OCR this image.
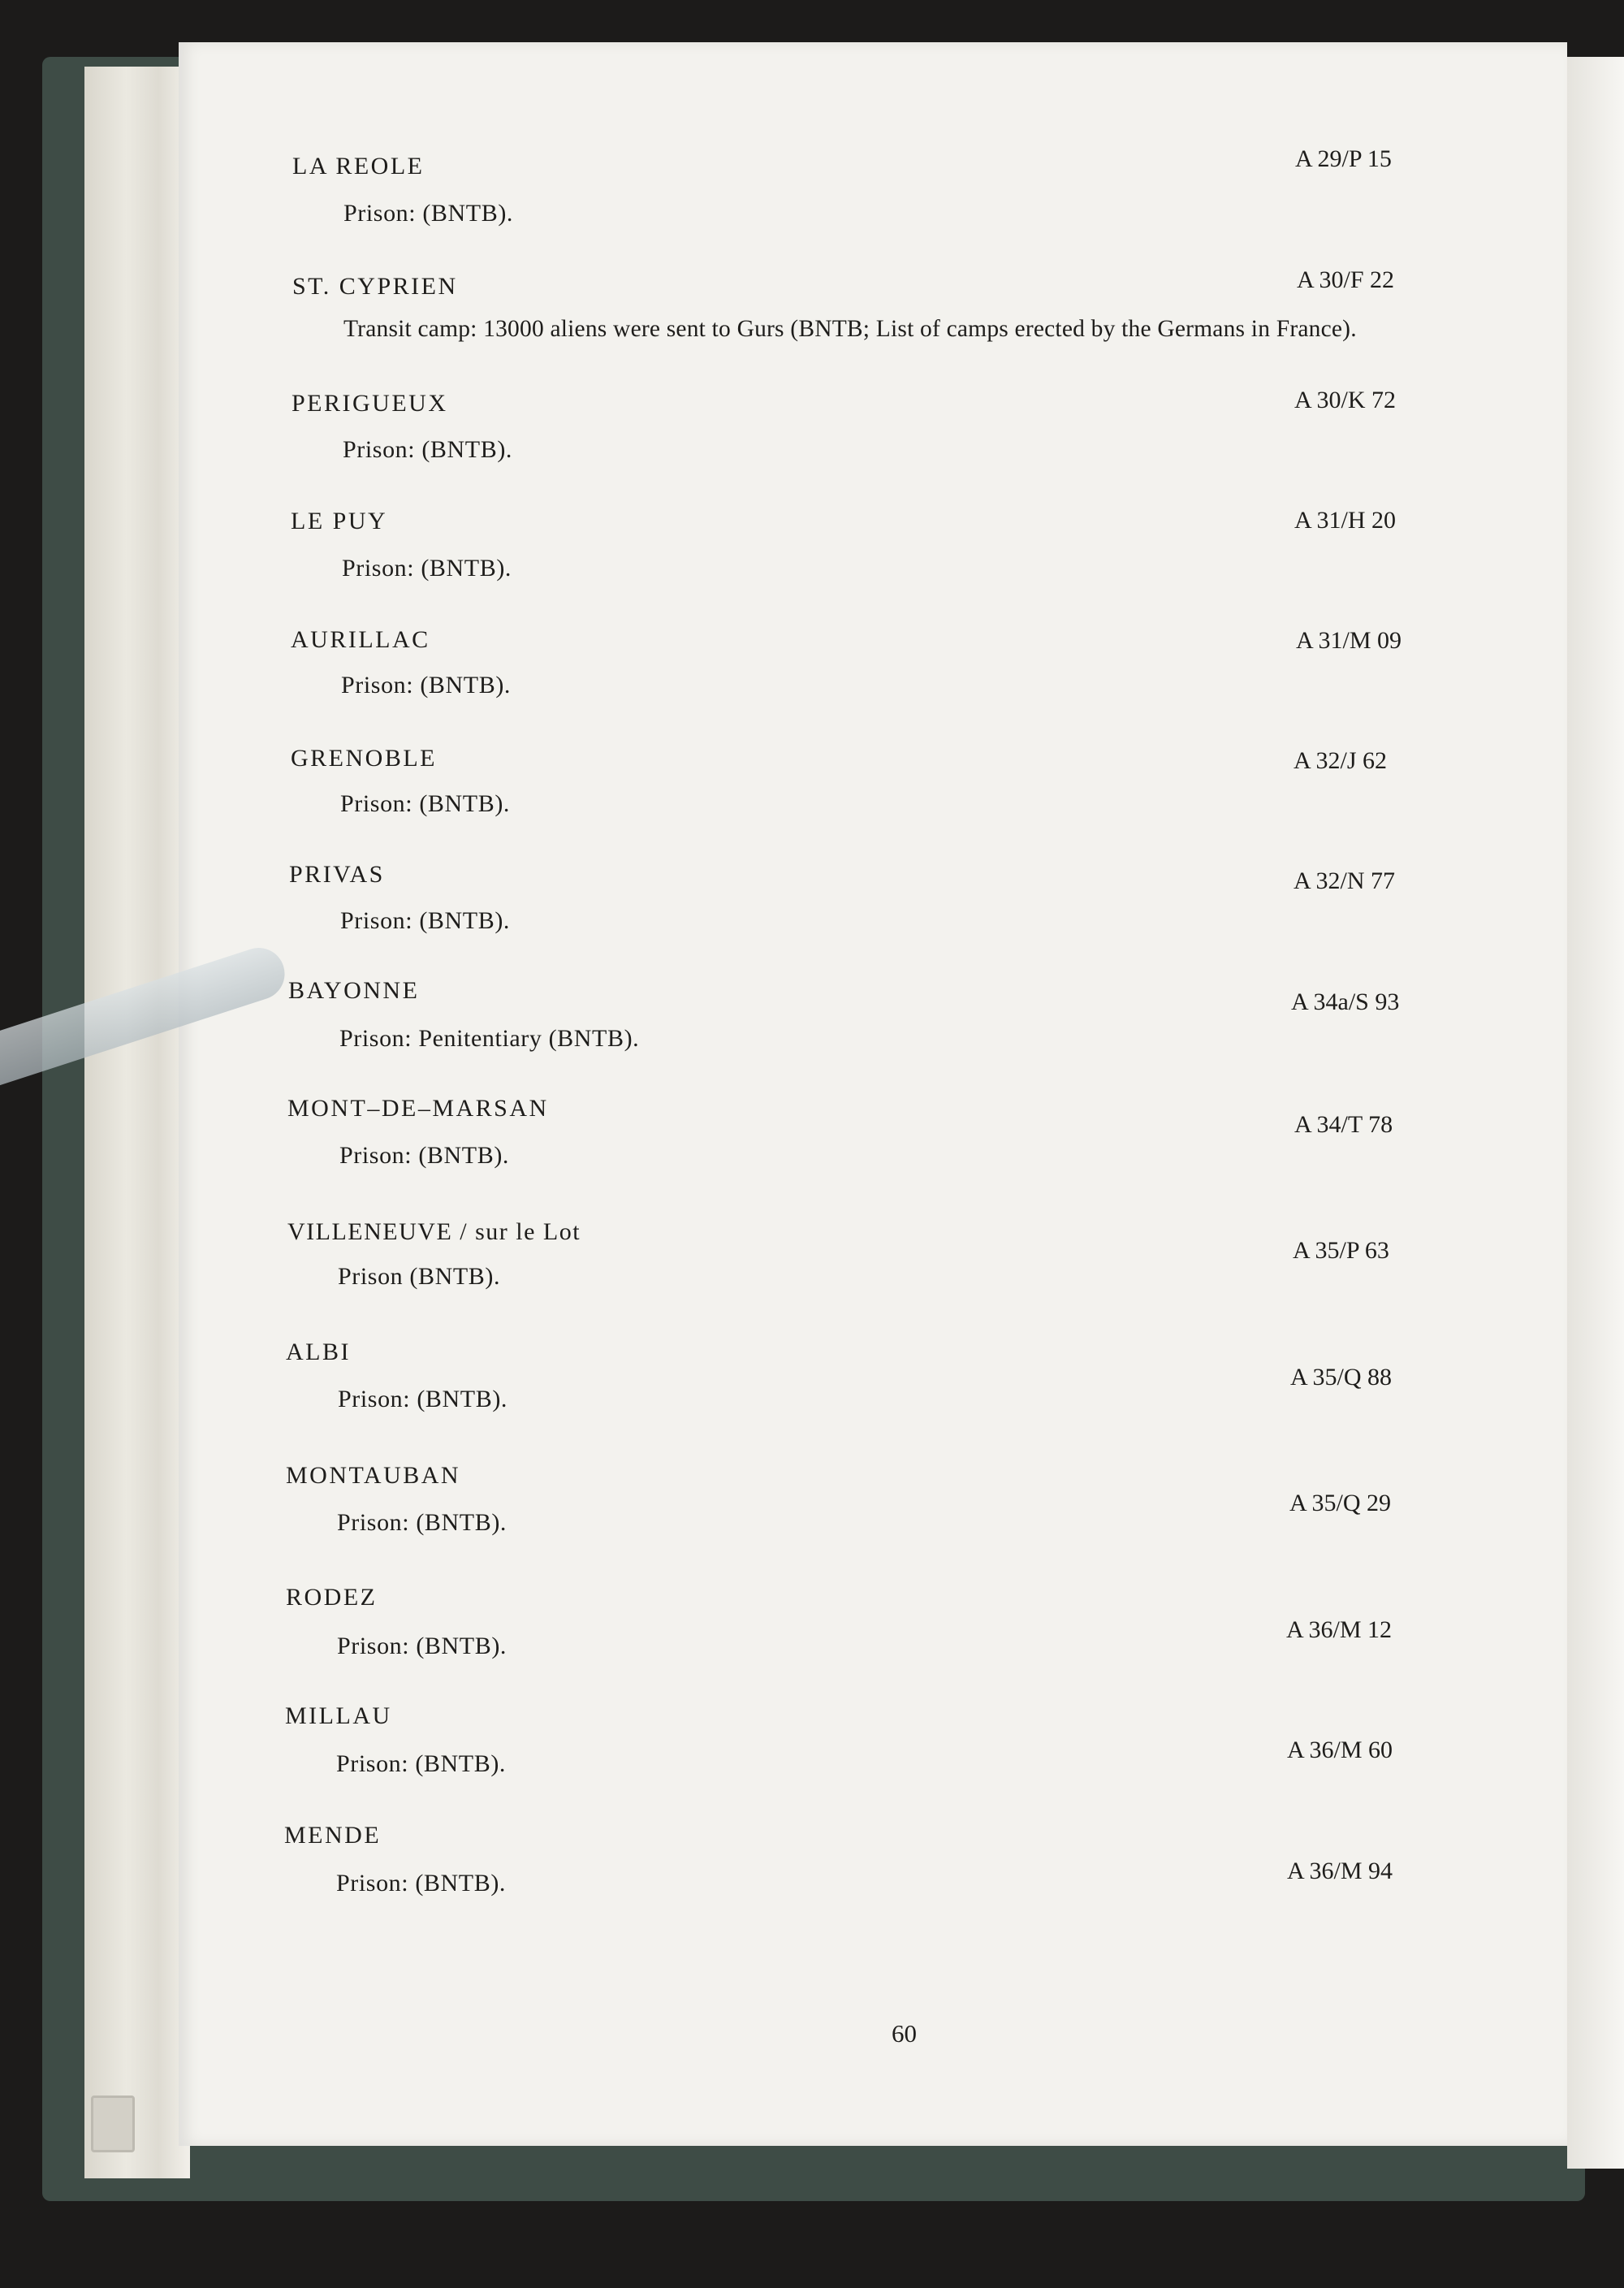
LA REOLE
Prison: (BNTB).
A 29/P 15
ST. CYPRIEN
Transit camp: 13000 aliens were sent to Gurs (BNTB; List of camps erected by the Germans in France).
A 30/F 22
PERIGUEUX
Prison: (BNTB).
A 30/K 72
LE PUY
Prison: (BNTB).
A 31/H 20
AURILLAC
Prison: (BNTB).
A 31/M 09
GRENOBLE
Prison: (BNTB).
A 32/J 62
PRIVAS
Prison: (BNTB).
A 32/N 77
BAYONNE
Prison: Penitentiary (BNTB).
A 34a/S 93
MONT–DE–MARSAN
Prison: (BNTB).
A 34/T 78
VILLENEUVE / sur le Lot
Prison (BNTB).
A 35/P 63
ALBI
Prison: (BNTB).
A 35/Q 88
MONTAUBAN
Prison: (BNTB).
A 35/Q 29
RODEZ
Prison: (BNTB).
A 36/M 12
MILLAU
Prison: (BNTB).
A 36/M 60
MENDE
Prison: (BNTB).	A 36/M 94
60
